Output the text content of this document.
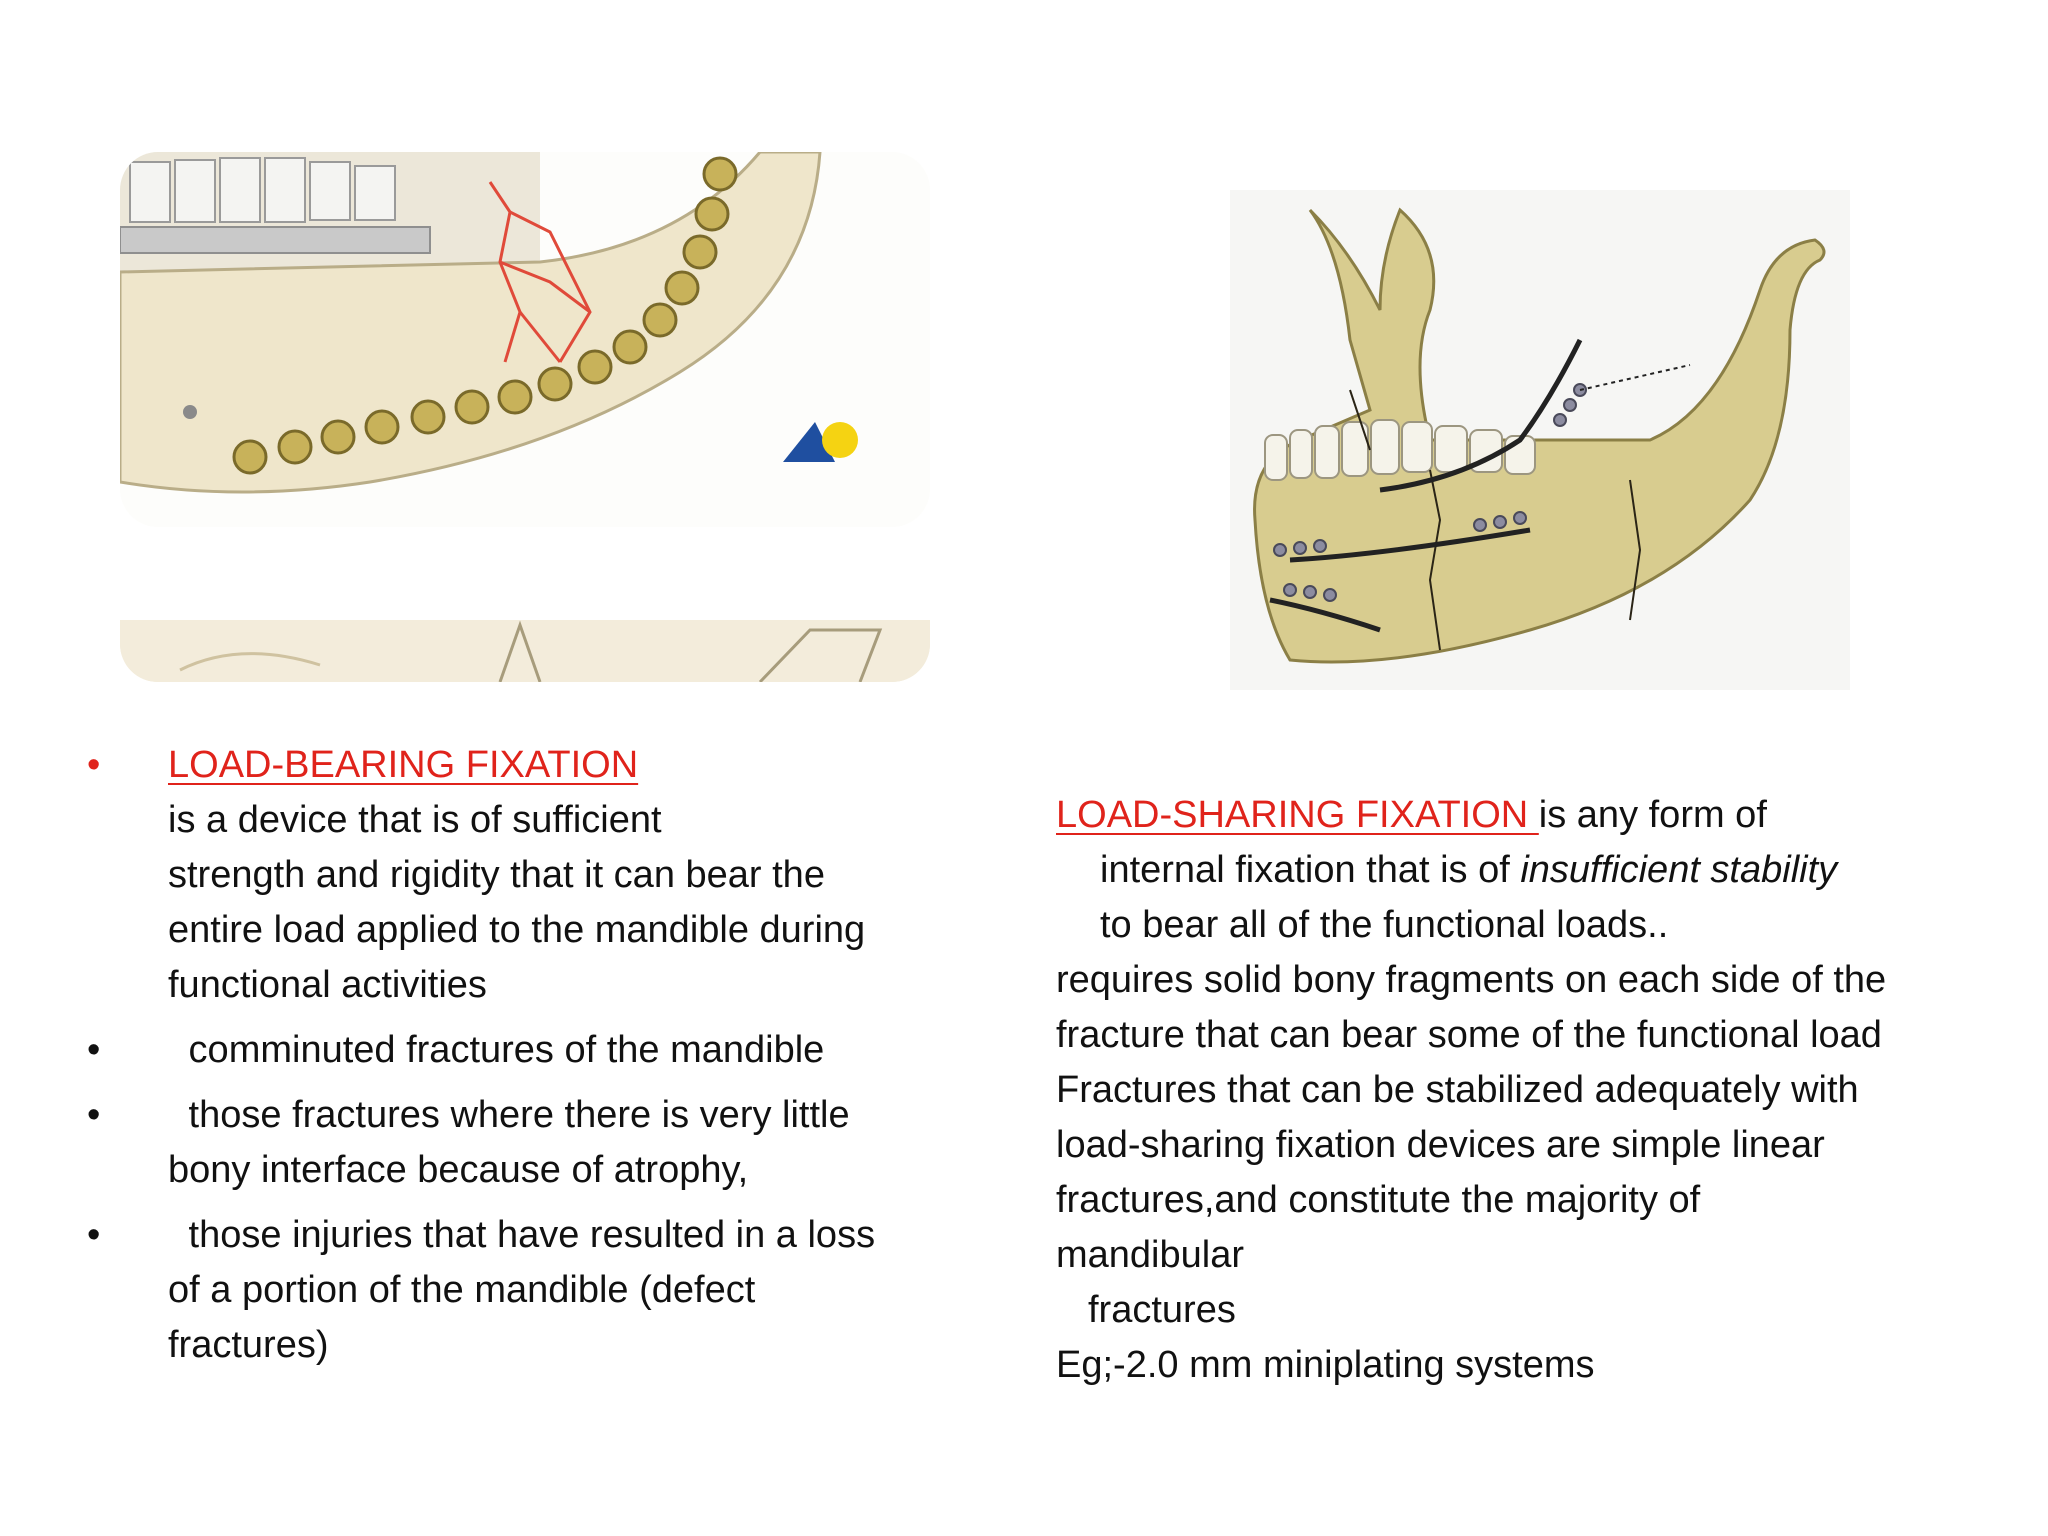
•	LOAD-BEARING FIXATION
is a device that is of sufficient
strength and rigidity that it can bear the
entire load applied to the mandible during
functional activities
•	comminuted fractures of the mandible
•	those fractures where there is very little
bony interface because of atrophy,
•	those injuries that have resulted in a loss
of a portion of the mandible (defect
fractures)
LOAD-SHARING FIXATION is any form of
internal fixation that is of insufficient stability
to bear all of the functional loads..
requires solid bony fragments on each side of the
fracture that can bear some of the functional load
Fractures that can be stabilized adequately with
load-sharing fixation devices are simple linear
fractures,and constitute the majority of
mandibular
fractures
Eg;-2.0 mm miniplating systems
